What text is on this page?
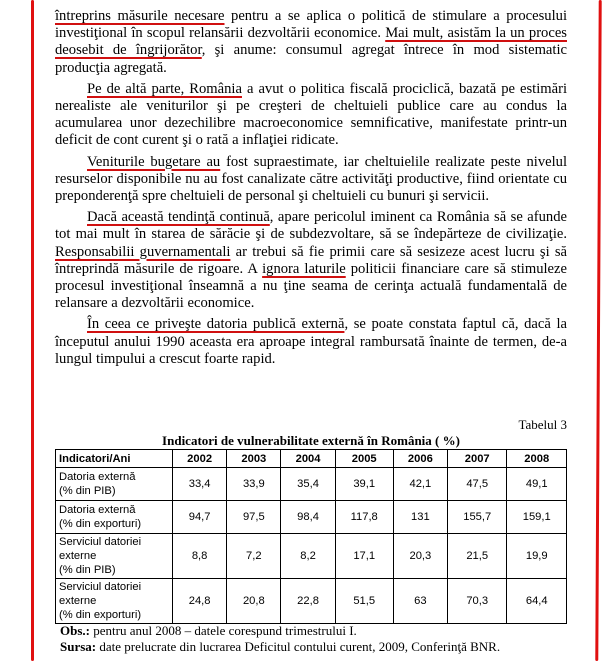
întreprins măsurile necesare pentru a se aplica o politică de stimulare a procesului investiţional în scopul relansării dezvoltării economice. Mai mult, asistăm la un proces deosebit de îngrijorător, şi anume: consumul agregat întrece în mod sistematic producţia agregată.

Pe de altă parte, România a avut o politica fiscală prociclică, bazată pe estimări nerealiste ale veniturilor şi pe creşteri de cheltuieli publice care au condus la acumularea unor dezechilibre macroeconomice semnificative, manifestate printr-un deficit de cont curent şi o rată a inflaţiei ridicate.

Veniturile bugetare au fost supraestimate, iar cheltuielile realizate peste nivelul resurselor disponibile nu au fost canalizate către activităţi productive, fiind orientate cu preponderenţă spre cheltuieli de personal şi cheltuieli cu bunuri şi servicii.

Dacă această tendinţă continuă, apare pericolul iminent ca România să se afunde tot mai mult în starea de sărăcie şi de subdezvoltare, să se îndepărteze de civilizaţie. Responsabilii guvernamentali ar trebui să fie primii care să sesizeze acest lucru şi să întreprindă măsurile de rigoare. A ignora laturile politicii financiare care să stimuleze procesul investiţional înseamnă a nu ţine seama de cerinţa actuală fundamentală de relansare a dezvoltării economice.

În ceea ce priveşte datoria publică externă, se poate constata faptul că, dacă la începutul anului 1990 aceasta era aproape integral rambursată înainte de termen, de-a lungul timpului a crescut foarte rapid.

Tabelul 3
Indicatori de vulnerabilitate externă în România ( %)
Indicatori/Ani	2002	2003	2004	2005	2006	2007	2008
Datoria externă
(% din PIB)	33,4	33,9	35,4	39,1	42,1	47,5	49,1
Datoria externă
(% din exporturi)	94,7	97,5	98,4	117,8	131	155,7	159,1
Serviciul datoriei
externe
(% din PIB)	8,8	7,2	8,2	17,1	20,3	21,5	19,9
Serviciul datoriei
externe
(% din exporturi)	24,8	20,8	22,8	51,5	63	70,3	64,4
Obs.: pentru anul 2008 – datele corespund trimestrului I.
Sursa: date prelucrate din lucrarea Deficitul contului curent, 2009, Conferinţă BNR.
